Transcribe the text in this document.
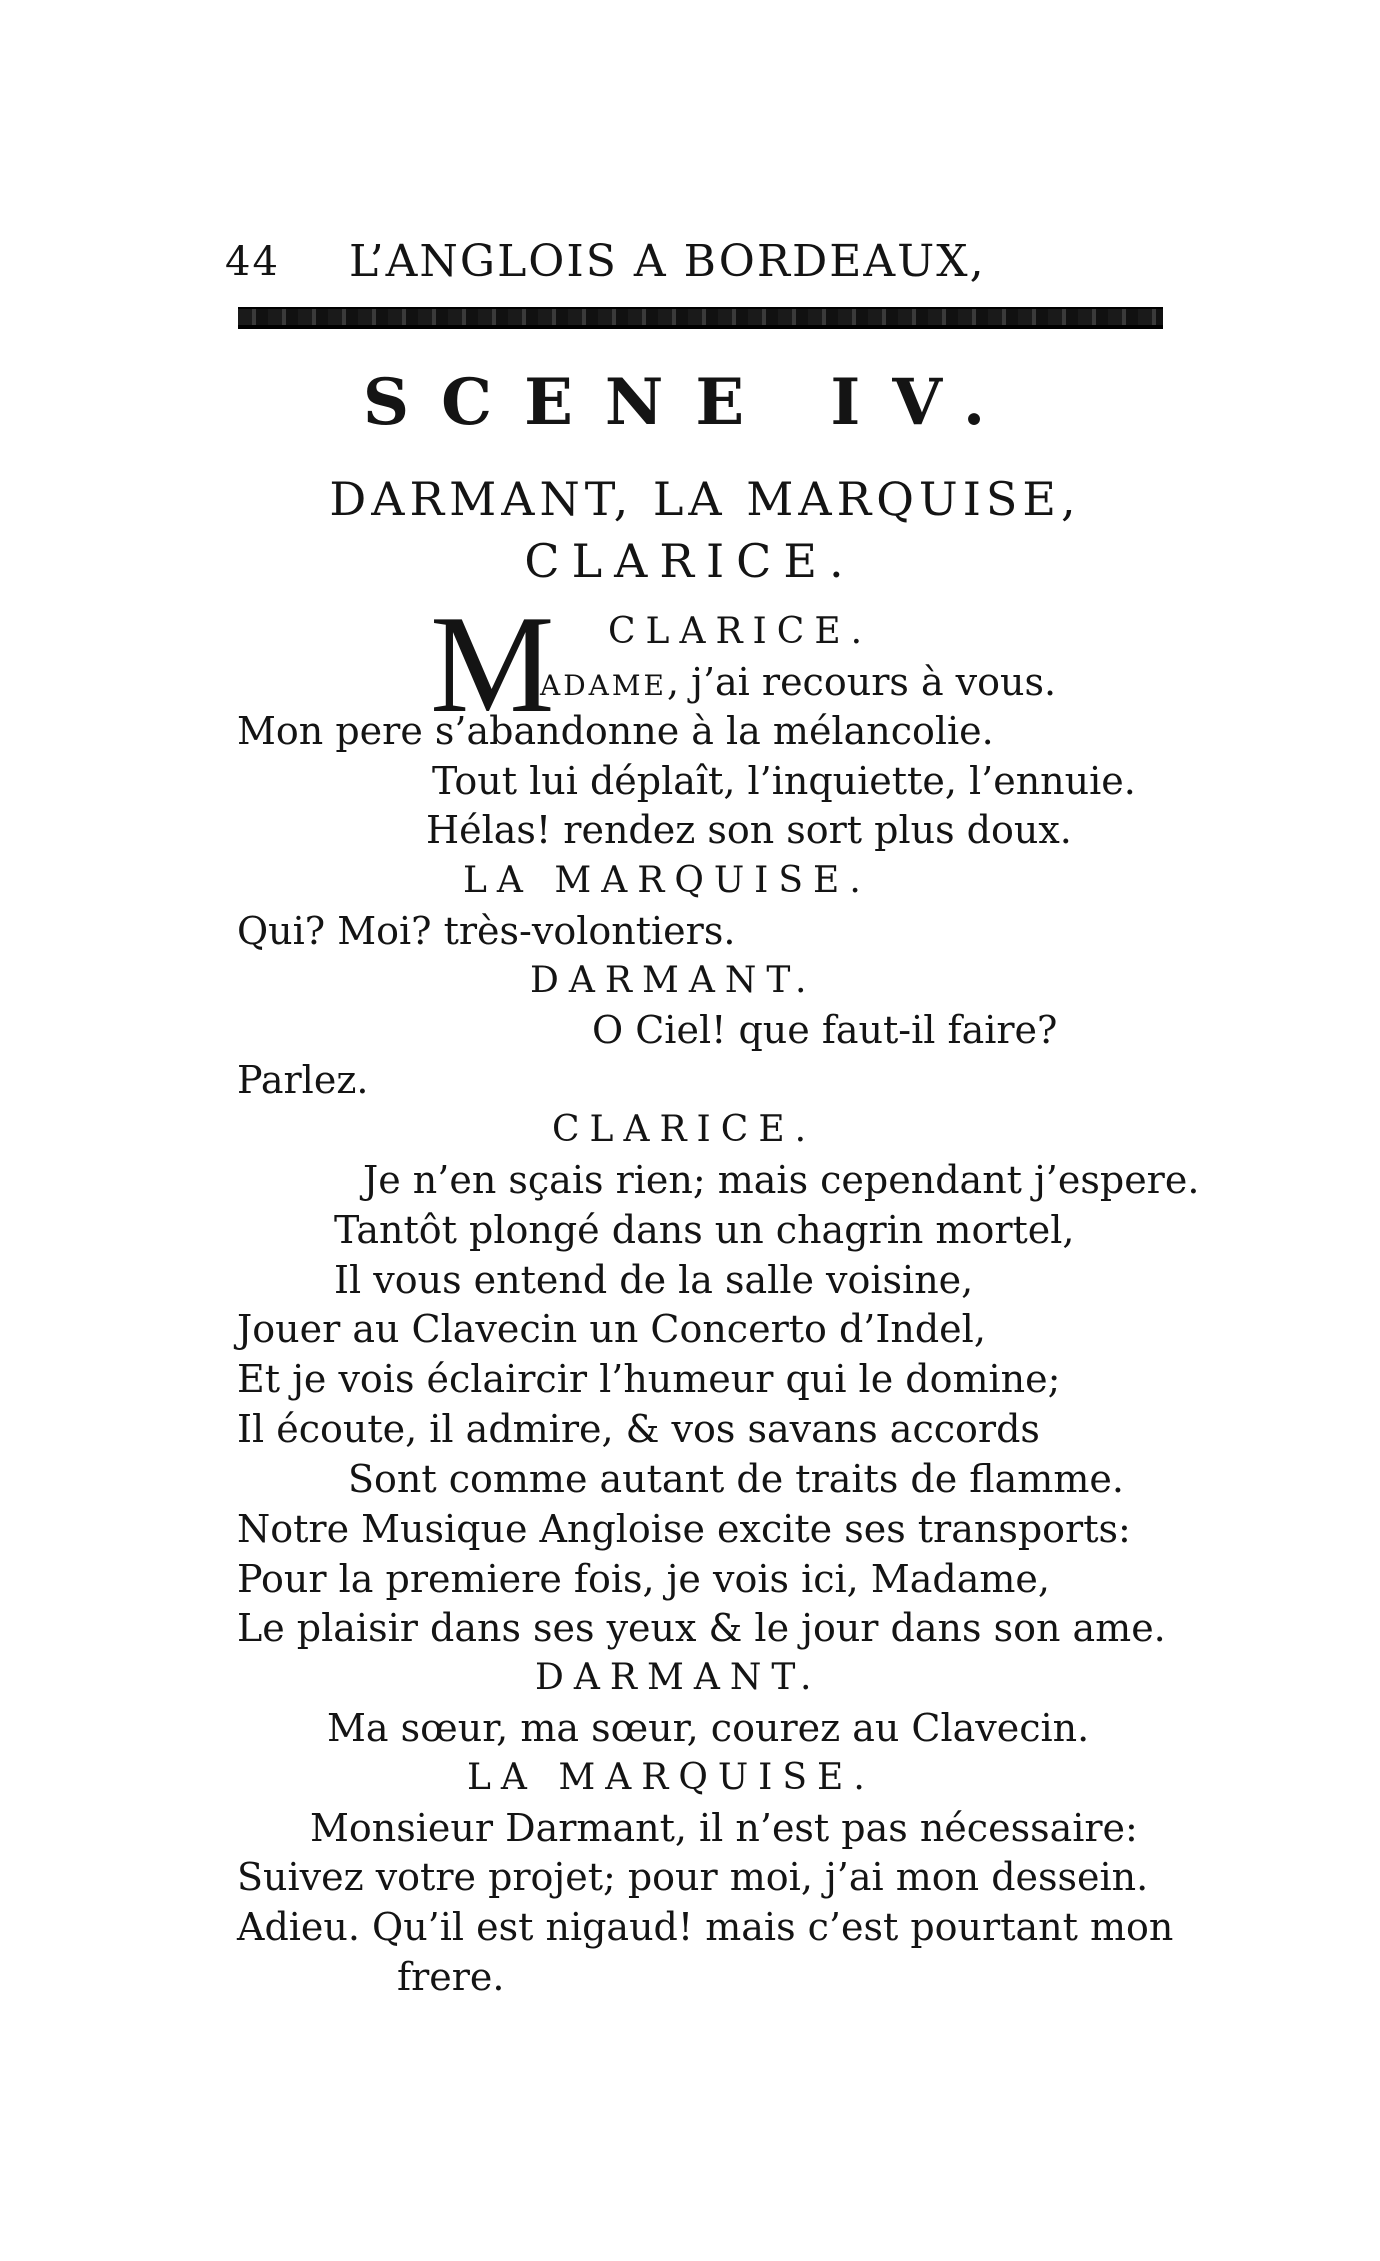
44 L’ANGLOIS A BORDEAUX,
SCENE IV.
DARMANT, LA MARQUISE,
CLARICE.
CLARICE.
M
ADAME, j’ai recours à vous.
Mon pere s’abandonne à la mélancolie.
Tout lui déplaît, l’inquiette, l’ennuie.
Hélas! rendez son sort plus doux.
LA MARQUISE.
Qui? Moi? très-volontiers.
DARMANT.
O Ciel! que faut-il faire?
Parlez.
CLARICE.
Je n’en sçais rien; mais cependant j’espere.
Tantôt plongé dans un chagrin mortel,
Il vous entend de la salle voisine,
Jouer au Clavecin un Concerto d’Indel,
Et je vois éclaircir l’humeur qui le domine;
Il écoute, il admire, & vos savans accords
Sont comme autant de traits de flamme.
Notre Musique Angloise excite ses transports:
Pour la premiere fois, je vois ici, Madame,
Le plaisir dans ses yeux & le jour dans son ame.
DARMANT.
Ma sœur, ma sœur, courez au Clavecin.
LA MARQUISE.
Monsieur Darmant, il n’est pas nécessaire:
Suivez votre projet; pour moi, j’ai mon dessein.
Adieu. Qu’il est nigaud! mais c’est pourtant mon
frere.
